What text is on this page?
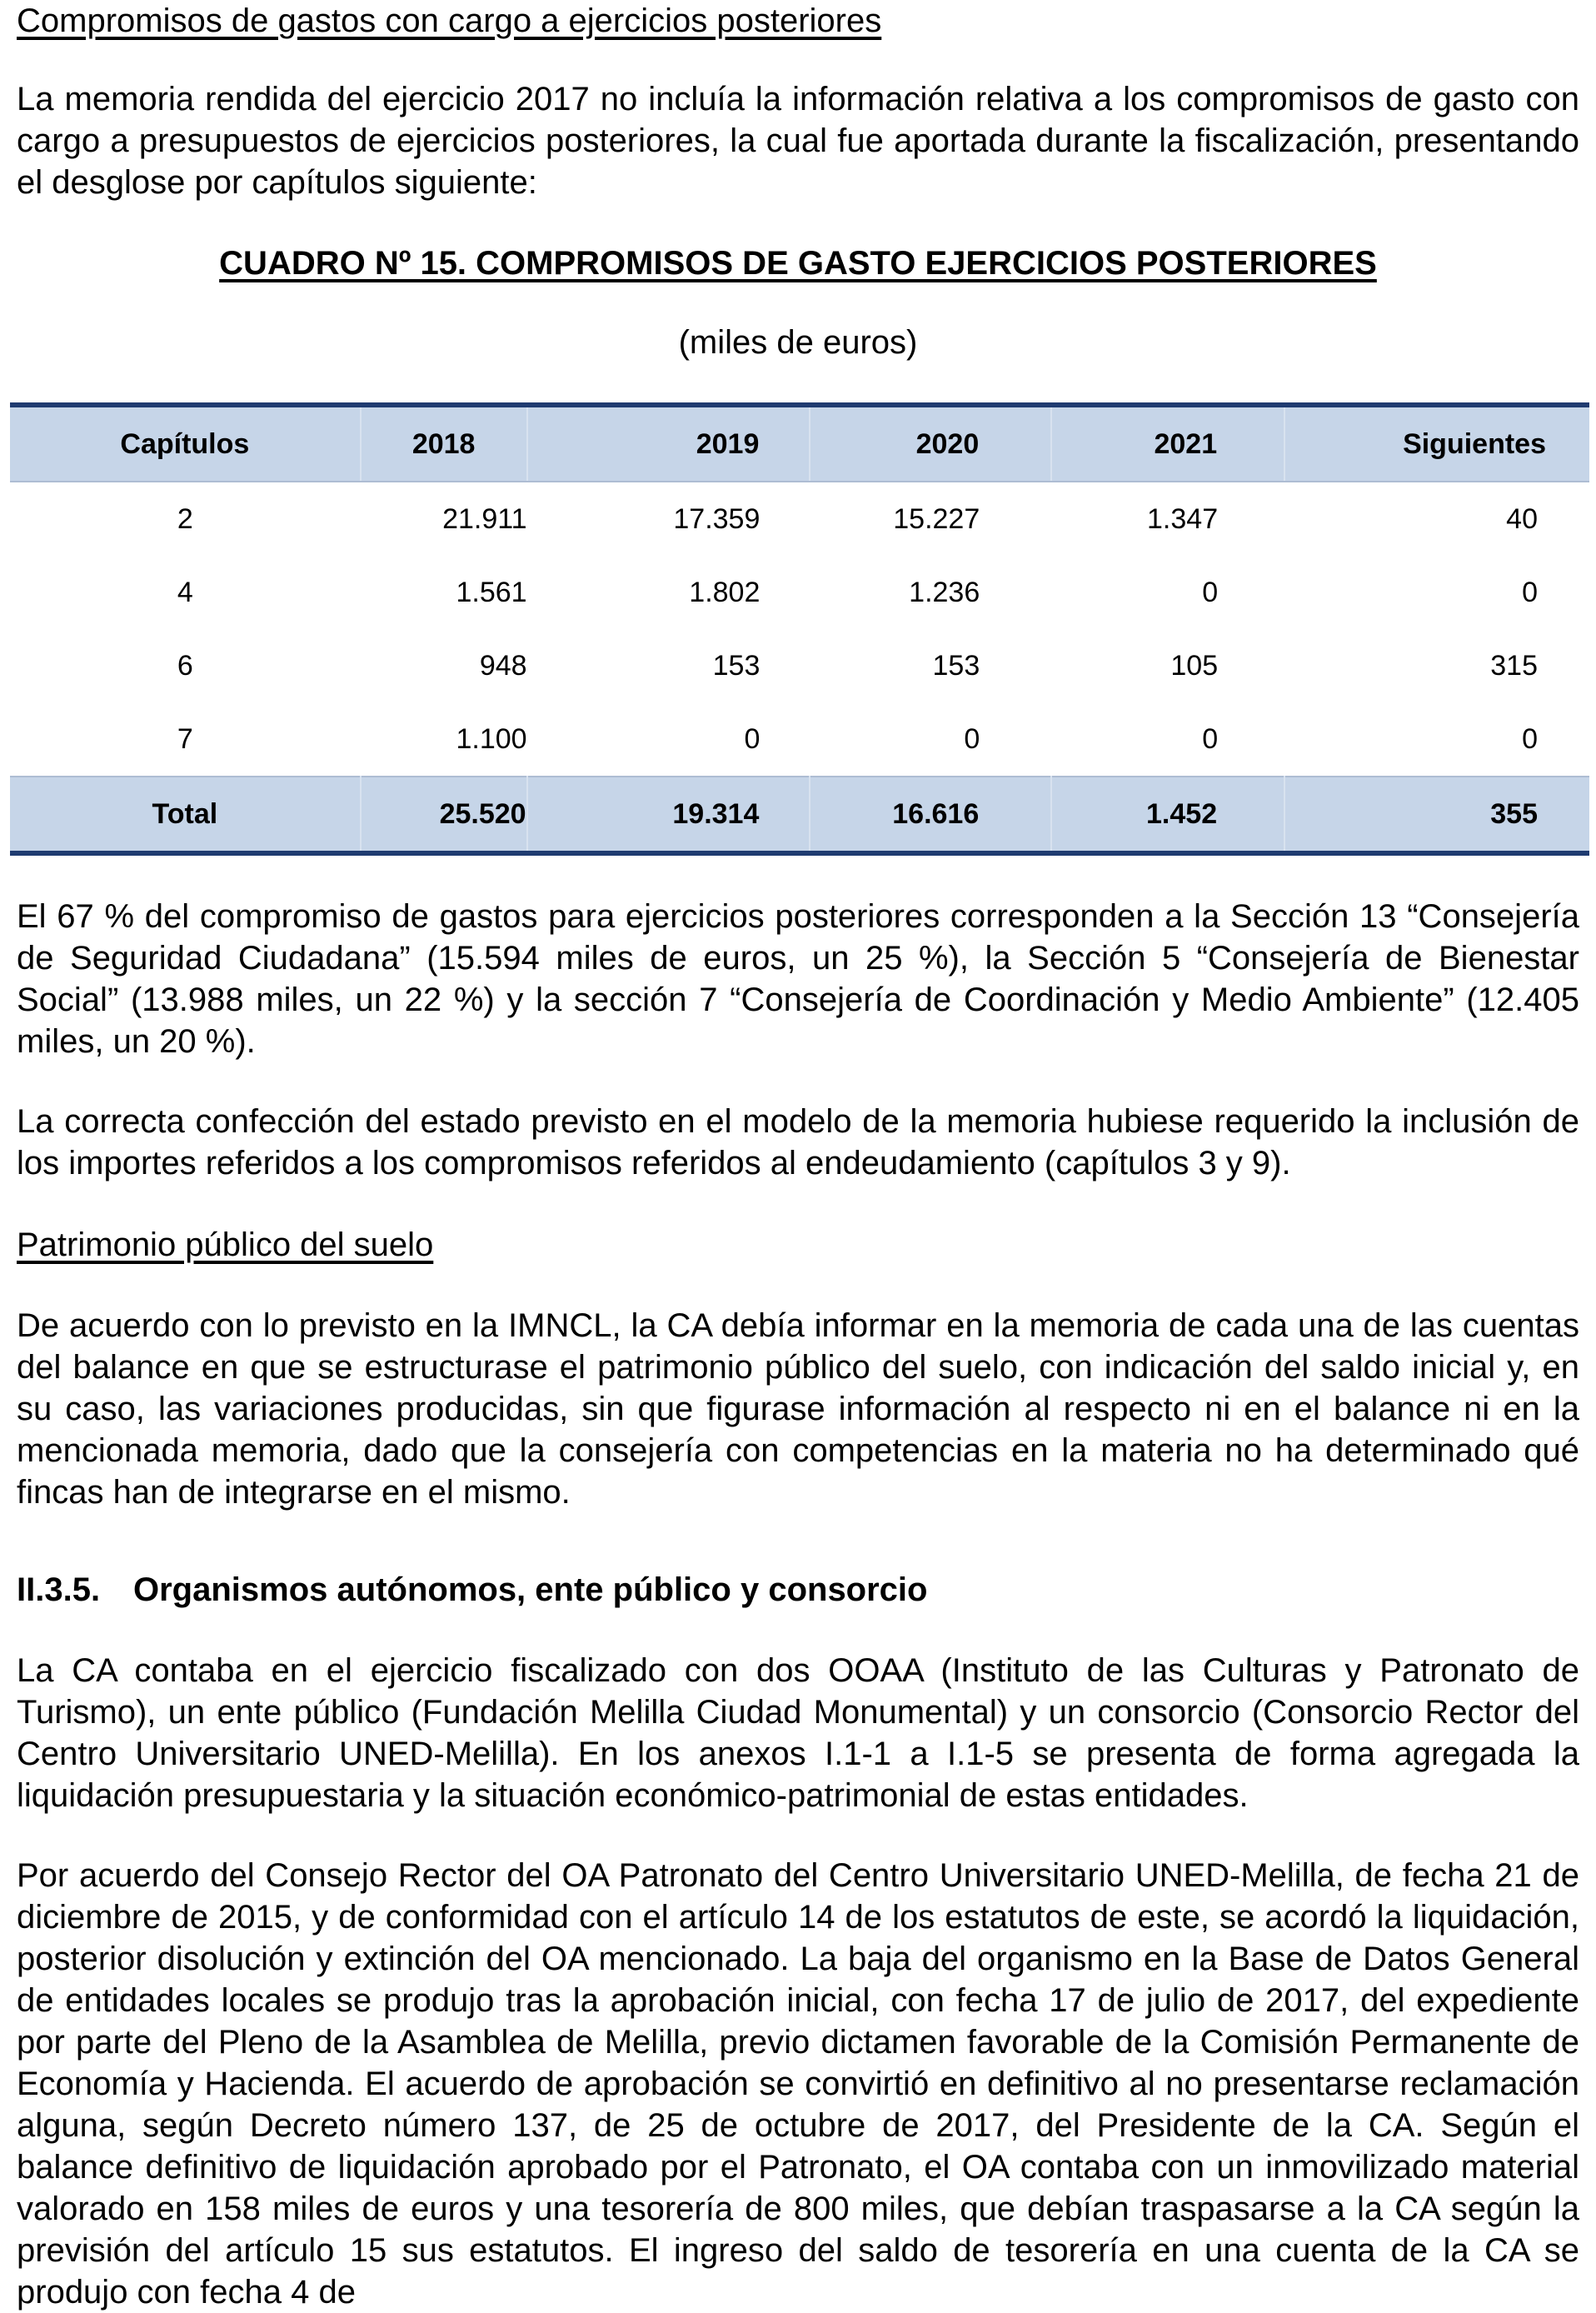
Compromisos de gastos con cargo a ejercicios posteriores

La memoria rendida del ejercicio 2017 no incluía la información relativa a los compromisos de gasto con cargo a presupuestos de ejercicios posteriores, la cual fue aportada durante la fiscalización, presentando el desglose por capítulos siguiente:

CUADRO Nº 15. COMPROMISOS DE GASTO EJERCICIOS POSTERIORES
(miles de euros)
Capítulos	2018	2019	2020	2021	Siguientes
2	21.911	17.359	15.227	1.347	40
4	1.561	1.802	1.236	0	0
6	948	153	153	105	315
7	1.100	0	0	0	0
Total	25.520	19.314	16.616	1.452	355

El 67 % del compromiso de gastos para ejercicios posteriores corresponden a la Sección 13 “Consejería de Seguridad Ciudadana” (15.594 miles de euros, un 25 %), la Sección 5 “Consejería de Bienestar Social” (13.988 miles, un 22 %) y la sección 7 “Consejería de Coordinación y Medio Ambiente” (12.405 miles, un 20 %).

La correcta confección del estado previsto en el modelo de la memoria hubiese requerido la inclusión de los importes referidos a los compromisos referidos al endeudamiento (capítulos 3 y 9).

Patrimonio público del suelo

De acuerdo con lo previsto en la IMNCL, la CA debía informar en la memoria de cada una de las cuentas del balance en que se estructurase el patrimonio público del suelo, con indicación del saldo inicial y, en su caso, las variaciones producidas, sin que figurase información al respecto ni en el balance ni en la mencionada memoria, dado que la consejería con competencias en la materia no ha determinado qué fincas han de integrarse en el mismo.

II.3.5. Organismos autónomos, ente público y consorcio

La CA contaba en el ejercicio fiscalizado con dos OOAA (Instituto de las Culturas y Patronato de Turismo), un ente público (Fundación Melilla Ciudad Monumental) y un consorcio (Consorcio Rector del Centro Universitario UNED-Melilla). En los anexos I.1-1 a I.1-5 se presenta de forma agregada la liquidación presupuestaria y la situación económico-patrimonial de estas entidades.

Por acuerdo del Consejo Rector del OA Patronato del Centro Universitario UNED-Melilla, de fecha 21 de diciembre de 2015, y de conformidad con el artículo 14 de los estatutos de este, se acordó la liquidación, posterior disolución y extinción del OA mencionado. La baja del organismo en la Base de Datos General de entidades locales se produjo tras la aprobación inicial, con fecha 17 de julio de 2017, del expediente por parte del Pleno de la Asamblea de Melilla, previo dictamen favorable de la Comisión Permanente de Economía y Hacienda. El acuerdo de aprobación se convirtió en definitivo al no presentarse reclamación alguna, según Decreto número 137, de 25 de octubre de 2017, del Presidente de la CA. Según el balance definitivo de liquidación aprobado por el Patronato, el OA contaba con un inmovilizado material valorado en 158 miles de euros y una tesorería de 800 miles, que debían traspasarse a la CA según la previsión del artículo 15 sus estatutos. El ingreso del saldo de tesorería en una cuenta de la CA se produjo con fecha 4 de
